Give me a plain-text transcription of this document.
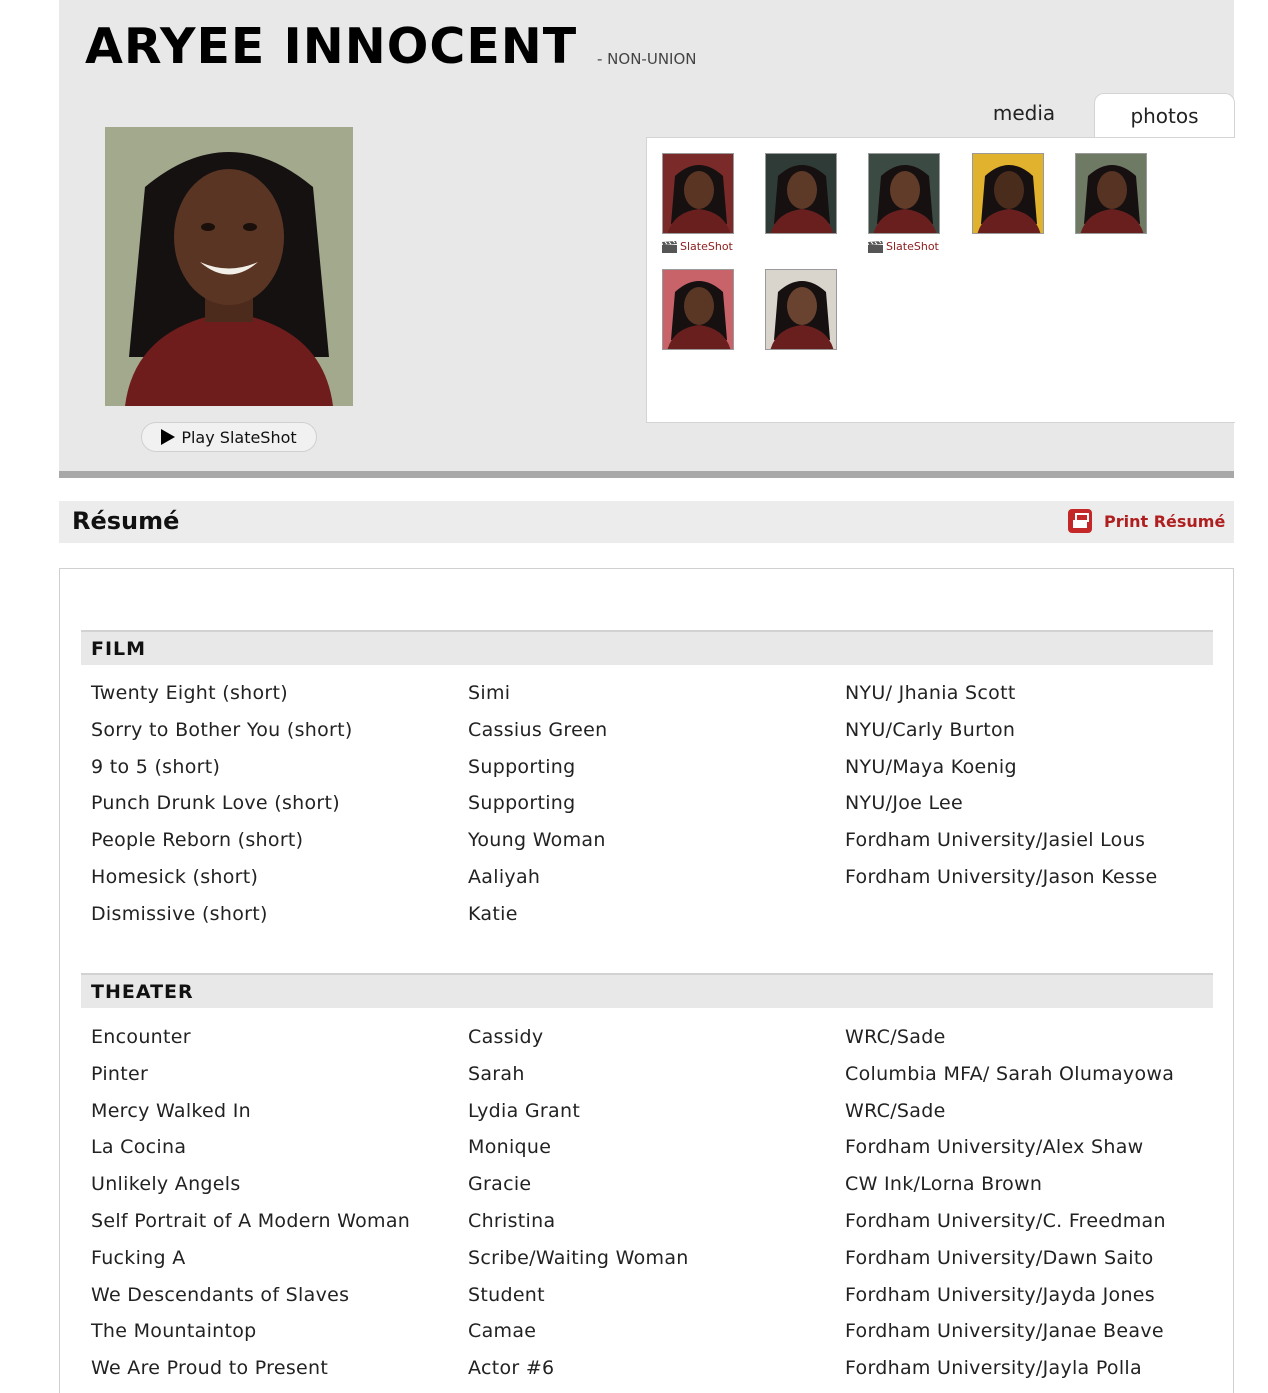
ARYEE INNOCENT - NON-UNION
Play SlateShot
media	photos
SlateShot	SlateShot
Résumé	Print Résumé
FILM
Twenty Eight (short)	Simi	NYU/ Jhania Scott
Sorry to Bother You (short)	Cassius Green	NYU/Carly Burton
9 to 5 (short)	Supporting	NYU/Maya Koenig
Punch Drunk Love (short)	Supporting	NYU/Joe Lee
People Reborn (short)	Young Woman	Fordham University/Jasiel Lous
Homesick (short)	Aaliyah	Fordham University/Jason Kesse
Dismissive (short)	Katie
THEATER
Encounter	Cassidy	WRC/Sade
Pinter	Sarah	Columbia MFA/ Sarah Olumayowa
Mercy Walked In	Lydia Grant	WRC/Sade
La Cocina	Monique	Fordham University/Alex Shaw
Unlikely Angels	Gracie	CW Ink/Lorna Brown
Self Portrait of A Modern Woman	Christina	Fordham University/C. Freedman
Fucking A	Scribe/Waiting Woman	Fordham University/Dawn Saito
We Descendants of Slaves	Student	Fordham University/Jayda Jones
The Mountaintop	Camae	Fordham University/Janae Beave
We Are Proud to Present	Actor #6	Fordham University/Jayla Polla
